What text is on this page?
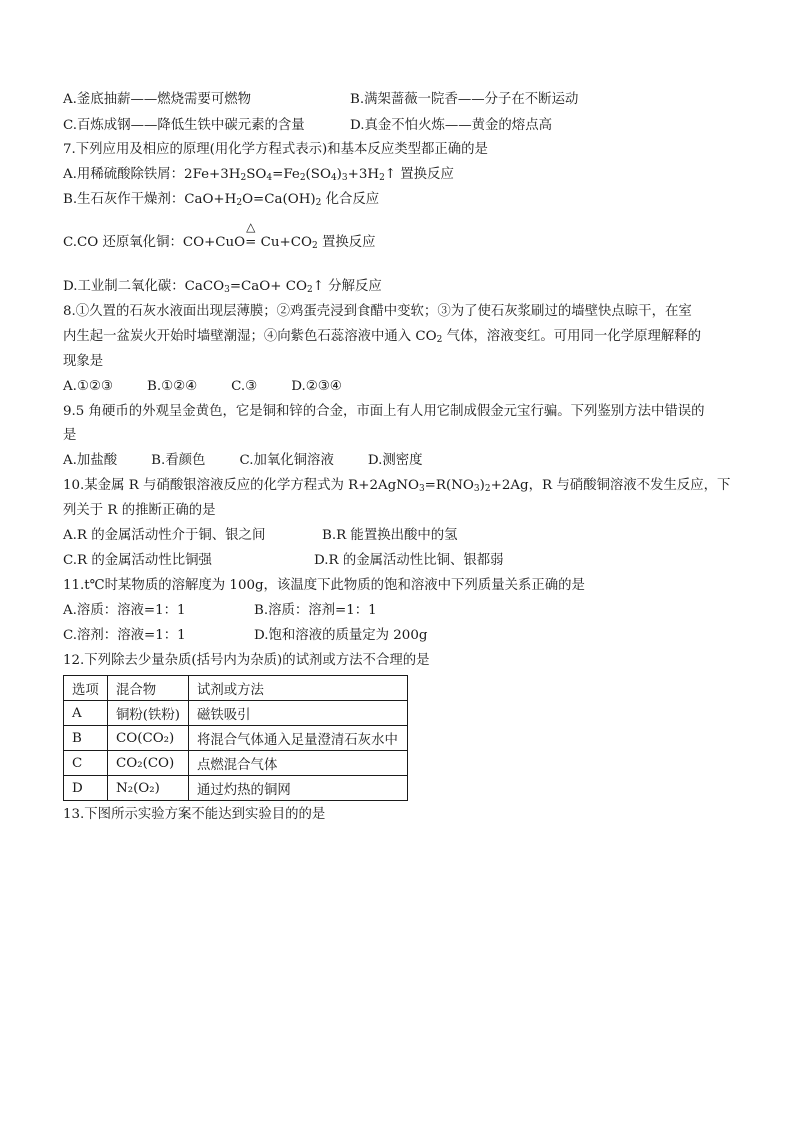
A.釜底抽薪——燃烧需要可燃物	B.满架蔷薇一院香——分子在不断运动
C.百炼成钢——降低生铁中碳元素的含量	D.真金不怕火炼——黄金的熔点高
7.下列应用及相应的原理(用化学方程式表示)和基本反应类型都正确的是
A.用稀硫酸除铁屑：$2Fe+3H_2SO_4=Fe_2(SO_4)_3+3H_2↑$ 置换反应
B.生石灰作干燥剂：$CaO+H_2O=Ca(OH)_2$ 化合反应
C.CO 还原氧化铜：CO+CuO
△
= $Cu+CO_2$ 置换反应
D.工业制二氧化碳：CaCO$_3$=CaO+ $CO_2↑$ 分解反应
8.①久置的石灰水液面出现层薄膜；②鸡蛋壳浸到食醋中变软；③为了使石灰浆刷过的墙壁快点晾干，在室
内生起一盆炭火开始时墙壁潮湿；④向紫色石蕊溶液中通入 $CO_2$ 气体，溶液变红。可用同一化学原理解释的
现象是
A.①②③        B.①②④        C.③        D.②③④
9.5 角硬币的外观呈金黄色，它是铜和锌的合金，市面上有人用它制成假金元宝行骗。下列鉴别方法中错误的
是
A.加盐酸        B.看颜色        C.加氧化铜溶液        D.测密度
10.某金属 R 与硝酸银溶液反应的化学方程式为 $R+2AgNO_3=R(NO_3)_2+2Ag$，R 与硝酸铜溶液不发生反应，下
列关于 R 的推断正确的是
A.R 的金属活动性介于铜、银之间	B.R 能置换出酸中的氢
C.R 的金属活动性比铜强	D.R 的金属活动性比铜、银都弱
11.t℃时某物质的溶解度为 100g，该温度下此物质的饱和溶液中下列质量关系正确的是
A.溶质：溶液=1：1	B.溶质：溶剂=1：1
C.溶剂：溶液=1：1	D.饱和溶液的质量定为 200g
12.下列除去少量杂质(括号内为杂质)的试剂或方法不合理的是
选项	混合物	试剂或方法
A	铜粉(铁粉)	磁铁吸引
B	CO(CO₂)	将混合气体通入足量澄清石灰水中
C	CO₂(CO)	点燃混合气体
D	N₂(O₂)	通过灼热的铜网
13.下图所示实验方案不能达到实验目的的是
